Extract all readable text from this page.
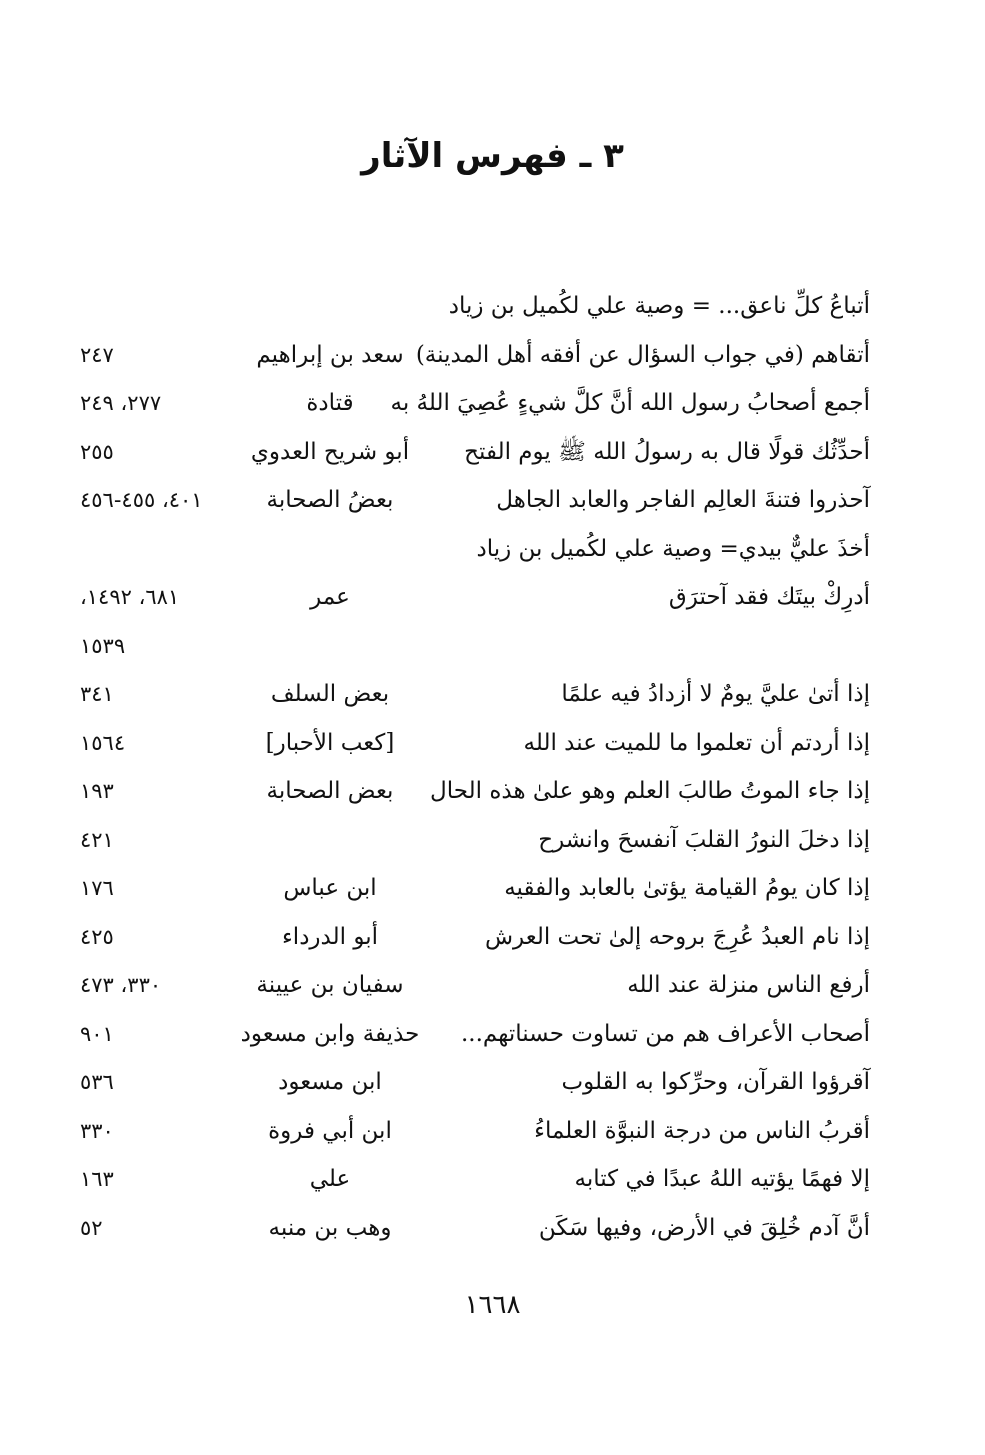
٣ ـ فهرس الآثار
أتباعُ كلِّ ناعق... = وصية علي لكُميل بن زياد
أتقاهم (في جواب السؤال عن أفقه أهل المدينة)
سعد بن إبراهيم
٢٤٧
أجمع أصحابُ رسول الله أنَّ كلَّ شيءٍ عُصِيَ اللهُ به
قتادة
٢٧٧، ٢٤٩
أحدِّثُك قولًا قال به رسولُ الله ﷺ يوم الفتح
أبو شريح العدوي
٢٥٥
آحذروا فتنةَ العالِم الفاجر والعابد الجاهل
بعضُ الصحابة
٤٠١، ٤٥٥-٤٥٦
أخذَ عليٌّ بيدي= وصية علي لكُميل بن زياد
أدرِكْ بيتَك فقد آحترَق
عمر
٦٨١، ١٤٩٢،
١٥٣٩
إذا أتىٰ عليَّ يومٌ لا أزدادُ فيه علمًا
بعض السلف
٣٤١
إذا أردتم أن تعلموا ما للميت عند الله
[كعب الأحبار]
١٥٦٤
إذا جاء الموتُ طالبَ العلم وهو علىٰ هذه الحال
بعض الصحابة
١٩٣
إذا دخلَ النورُ القلبَ آنفسحَ وانشرح
٤٢١
إذا كان يومُ القيامة يؤتىٰ بالعابد والفقيه
ابن عباس
١٧٦
إذا نام العبدُ عُرِجَ بروحه إلىٰ تحت العرش
أبو الدرداء
٤٢٥
أرفع الناس منزلة عند الله
سفيان بن عيينة
٣٣٠، ٤٧٣
أصحاب الأعراف هم من تساوت حسناتهم...
حذيفة وابن مسعود
٩٠١
آقرؤوا القرآن، وحرِّكوا به القلوب
ابن مسعود
٥٣٦
أقربُ الناس من درجة النبوَّة العلماءُ
ابن أبي فروة
٣٣٠
إلا فهمًا يؤتيه اللهُ عبدًا في كتابه
علي
١٦٣
أنَّ آدم خُلِقَ في الأرض، وفيها سَكَن
وهب بن منبه
٥٢
١٦٦٨
